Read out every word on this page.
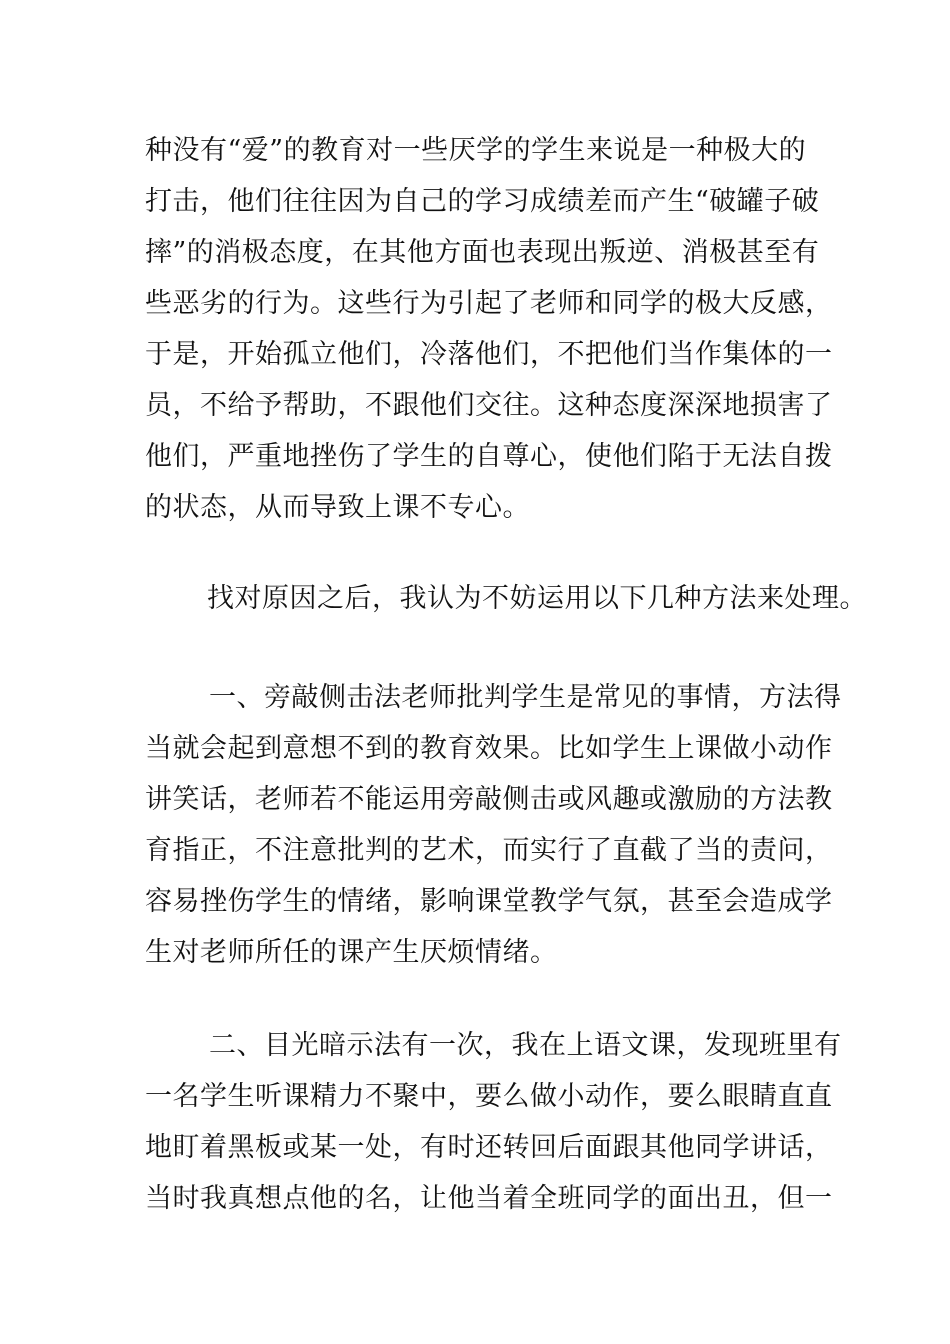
种没有“爱”的教育对一些厌学的学生来说是一种极大的
打击，他们往往因为自己的学习成绩差而产生“破罐子破
摔”的消极态度，在其他方面也表现出叛逆、消极甚至有
些恶劣的行为。这些行为引起了老师和同学的极大反感，
于是，开始孤立他们，冷落他们，不把他们当作集体的一
员，不给予帮助，不跟他们交往。这种态度深深地损害了
他们，严重地挫伤了学生的自尊心，使他们陷于无法自拨
的状态，从而导致上课不专心。
找对原因之后，我认为不妨运用以下几种方法来处理。
一、旁敲侧击法老师批判学生是常见的事情，方法得
当就会起到意想不到的教育效果。比如学生上课做小动作
讲笑话，老师若不能运用旁敲侧击或风趣或激励的方法教
育指正，不注意批判的艺术，而实行了直截了当的责问，
容易挫伤学生的情绪，影响课堂教学气氛，甚至会造成学
生对老师所任的课产生厌烦情绪。
二、目光暗示法有一次，我在上语文课，发现班里有
一名学生听课精力不聚中，要么做小动作，要么眼睛直直
地盯着黑板或某一处，有时还转回后面跟其他同学讲话，
当时我真想点他的名，让他当着全班同学的面出丑，但一
